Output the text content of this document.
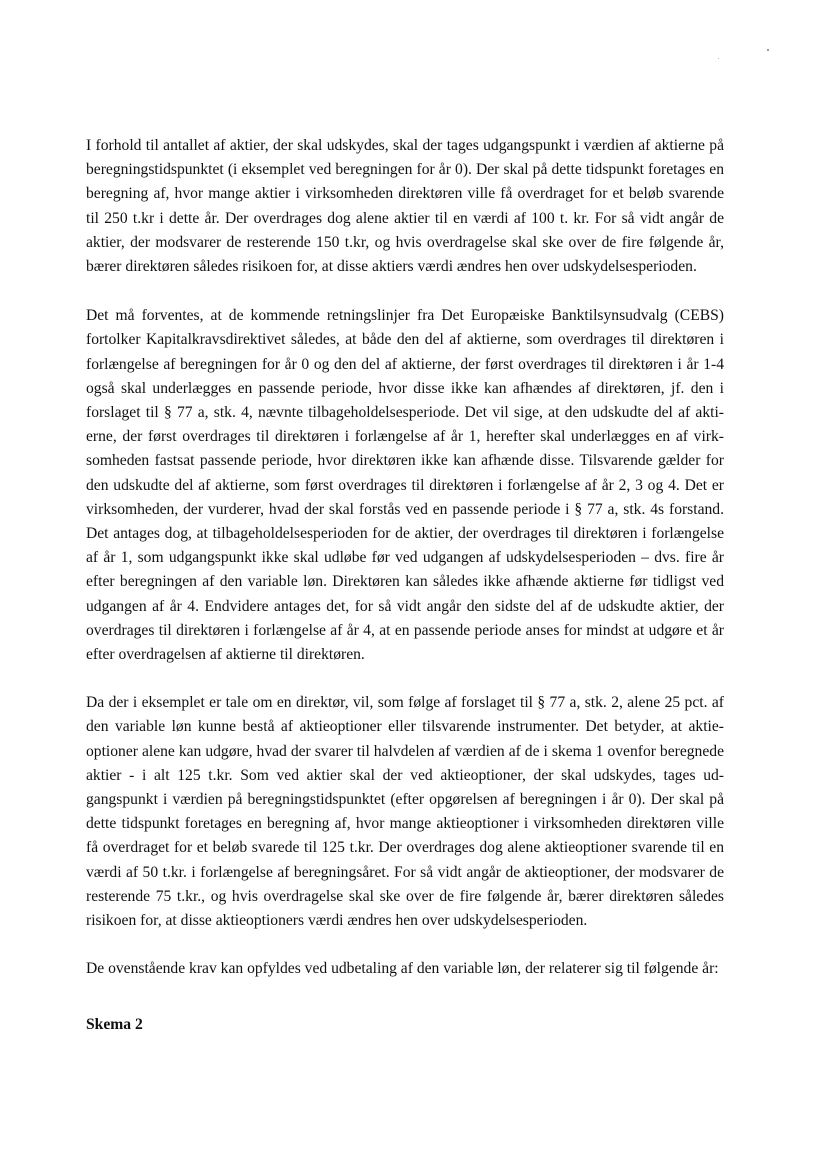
I forhold til antallet af aktier, der skal udskydes, skal der tages udgangspunkt i værdien af aktierne på beregningstidspunktet (i eksemplet ved beregningen for år 0). Der skal på dette tidspunkt foretages en beregning af, hvor mange aktier i virksomheden direktøren ville få overdraget for et beløb svarende til 250 t.kr i dette år. Der overdrages dog alene aktier til en værdi af 100 t. kr. For så vidt angår de aktier, der modsvarer de resterende 150 t.kr, og hvis overdragelse skal ske over de fire følgende år, bærer direktøren således risikoen for, at disse aktiers værdi ændres hen over udskydelsesperioden.

Det må forventes, at de kommende retningslinjer fra Det Europæiske Banktilsynsudvalg (CEBS) fortolker Kapitalkravsdirektivet således, at både den del af aktierne, som overdrages til direktøren i forlængelse af beregningen for år 0 og den del af aktierne, der først overdrages til direktøren i år 1-4 også skal underlægges en passende periode, hvor disse ikke kan afhændes af direktøren, jf. den i forslaget til § 77 a, stk. 4, nævnte tilbageholdelsesperiode. Det vil sige, at den udskudte del af aktierne, der først overdrages til direktøren i forlængelse af år 1, herefter skal underlægges en af virksomheden fastsat passende periode, hvor direktøren ikke kan afhænde disse. Tilsvarende gælder for den udskudte del af aktierne, som først overdrages til direktøren i forlængelse af år 2, 3 og 4. Det er virksomheden, der vurderer, hvad der skal forstås ved en passende periode i § 77 a, stk. 4s forstand. Det antages dog, at tilbageholdelsesperioden for de aktier, der overdrages til direktøren i forlængelse af år 1, som udgangspunkt ikke skal udløbe før ved udgangen af udskydelsesperioden – dvs. fire år efter beregningen af den variable løn. Direktøren kan således ikke afhænde aktierne før tidligst ved udgangen af år 4. Endvidere antages det, for så vidt angår den sidste del af de udskudte aktier, der overdrages til direktøren i forlængelse af år 4, at en passende periode anses for mindst at udgøre et år efter overdragelsen af aktierne til direktøren.

Da der i eksemplet er tale om en direktør, vil, som følge af forslaget til § 77 a, stk. 2, alene 25 pct. af den variable løn kunne bestå af aktieoptioner eller tilsvarende instrumenter. Det betyder, at aktieoptioner alene kan udgøre, hvad der svarer til halvdelen af værdien af de i skema 1 ovenfor beregnede aktier - i alt 125 t.kr. Som ved aktier skal der ved aktieoptioner, der skal udskydes, tages udgangspunkt i værdien på beregningstidspunktet (efter opgørelsen af beregningen i år 0). Der skal på dette tidspunkt foretages en beregning af, hvor mange aktieoptioner i virksomheden direktøren ville få overdraget for et beløb svarede til 125 t.kr. Der overdrages dog alene aktieoptioner svarende til en værdi af 50 t.kr. i forlængelse af beregningsåret. For så vidt angår de aktieoptioner, der modsvarer de resterende 75 t.kr., og hvis overdragelse skal ske over de fire følgende år, bærer direktøren således risikoen for, at disse aktieoptioners værdi ændres hen over udskydelsesperioden.

De ovenstående krav kan opfyldes ved udbetaling af den variable løn, der relaterer sig til følgende år:

Skema 2
